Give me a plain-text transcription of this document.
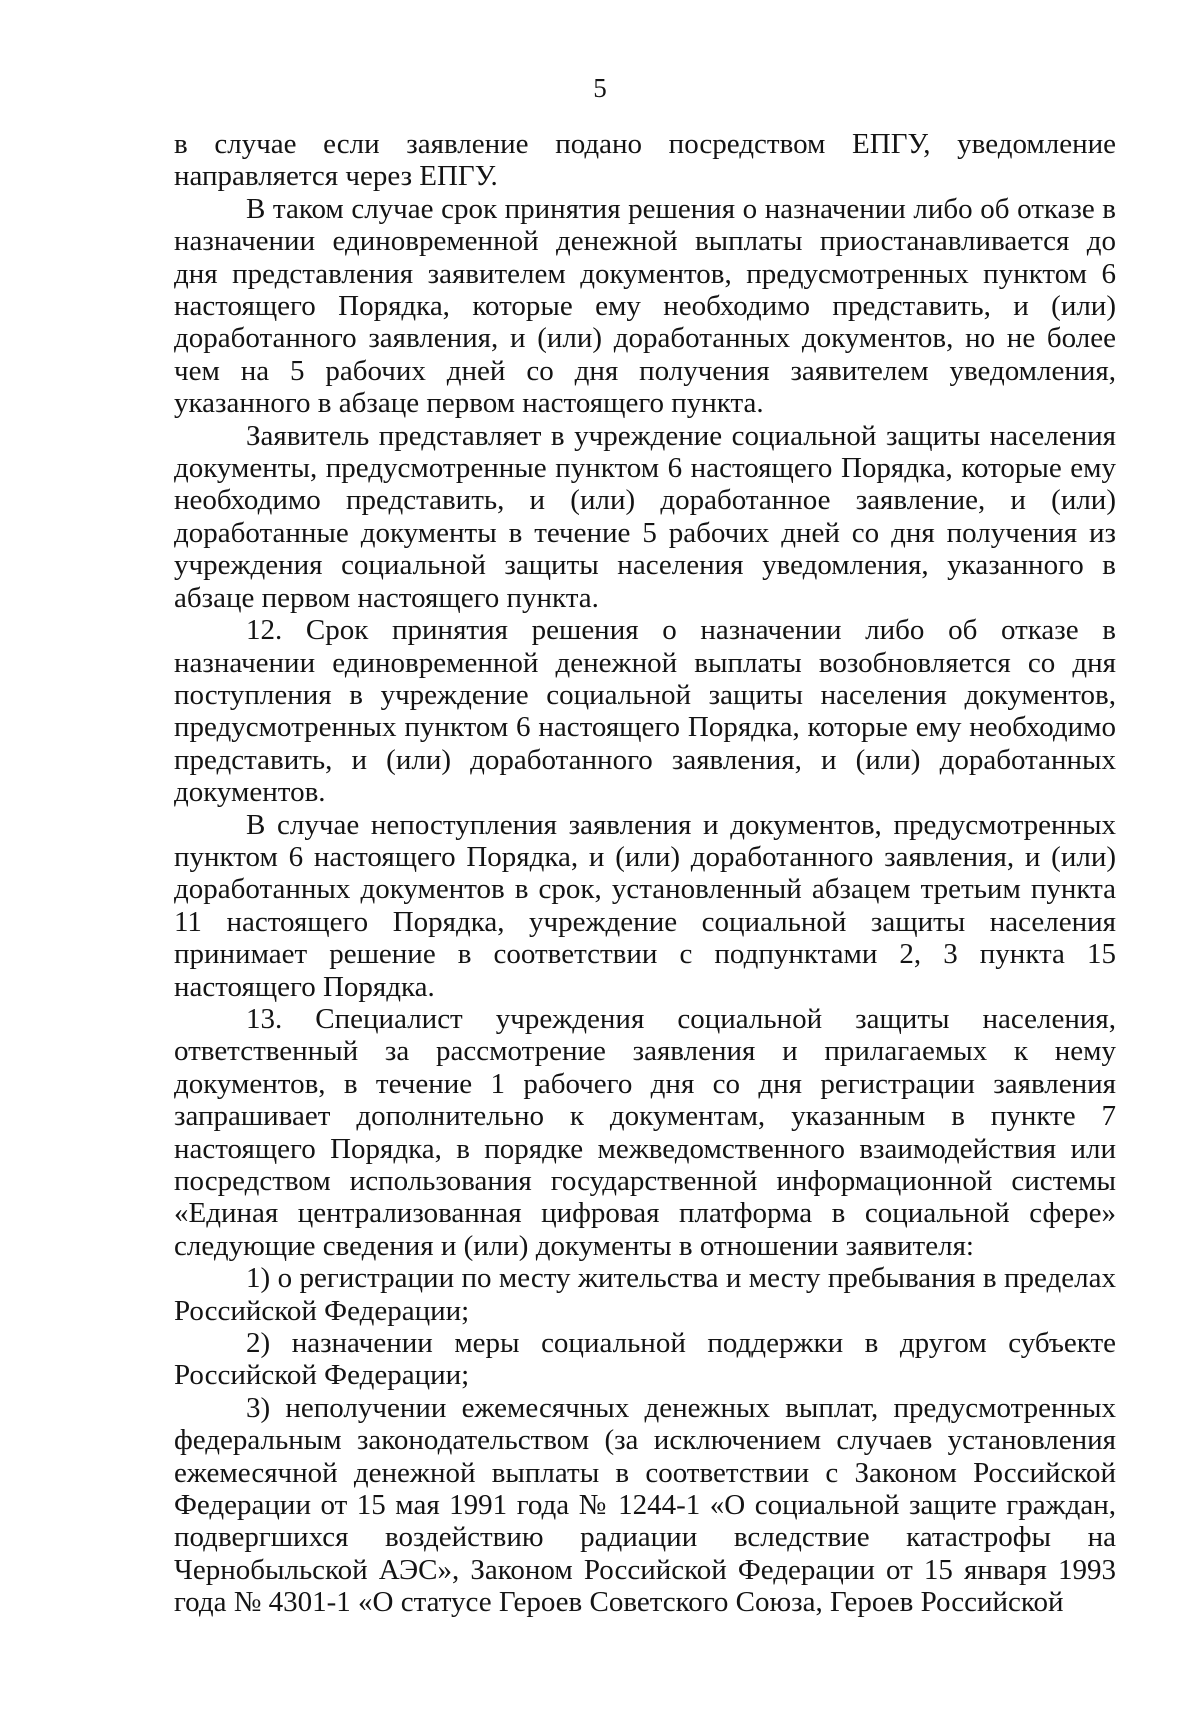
5

в случае если заявление подано посредством ЕПГУ, уведомление направляется через ЕПГУ.

В таком случае срок принятия решения о назначении либо об отказе в назначении единовременной денежной выплаты приостанавливается до дня представления заявителем документов, предусмотренных пунктом 6 настоящего Порядка, которые ему необходимо представить, и (или) доработанного заявления, и (или) доработанных документов, но не более чем на 5 рабочих дней со дня получения заявителем уведомления, указанного в абзаце первом настоящего пункта.

Заявитель представляет в учреждение социальной защиты населения документы, предусмотренные пунктом 6 настоящего Порядка, которые ему необходимо представить, и (или) доработанное заявление, и (или) доработанные документы в течение 5 рабочих дней со дня получения из учреждения социальной защиты населения уведомления, указанного в абзаце первом настоящего пункта.

12. Срок принятия решения о назначении либо об отказе в назначении единовременной денежной выплаты возобновляется со дня поступления в учреждение социальной защиты населения документов, предусмотренных пунктом 6 настоящего Порядка, которые ему необходимо представить, и (или) доработанного заявления, и (или) доработанных документов.

В случае непоступления заявления и документов, предусмотренных пунктом 6 настоящего Порядка, и (или) доработанного заявления, и (или) доработанных документов в срок, установленный абзацем третьим пункта 11 настоящего Порядка, учреждение социальной защиты населения принимает решение в соответствии с подпунктами 2, 3 пункта 15 настоящего Порядка.

13. Специалист учреждения социальной защиты населения, ответственный за рассмотрение заявления и прилагаемых к нему документов, в течение 1 рабочего дня со дня регистрации заявления запрашивает дополнительно к документам, указанным в пункте 7 настоящего Порядка, в порядке межведомственного взаимодействия или посредством использования государственной информационной системы «Единая централизованная цифровая платформа в социальной сфере» следующие сведения и (или) документы в отношении заявителя:

1) о регистрации по месту жительства и месту пребывания в пределах Российской Федерации;

2) назначении меры социальной поддержки в другом субъекте Российской Федерации;

3) неполучении ежемесячных денежных выплат, предусмотренных федеральным законодательством (за исключением случаев установления ежемесячной денежной выплаты в соответствии с Законом Российской Федерации от 15 мая 1991 года № 1244-1 «О социальной защите граждан, подвергшихся воздействию радиации вследствие катастрофы на Чернобыльской АЭС», Законом Российской Федерации от 15 января 1993 года № 4301-1 «О статусе Героев Советского Союза, Героев Российской
